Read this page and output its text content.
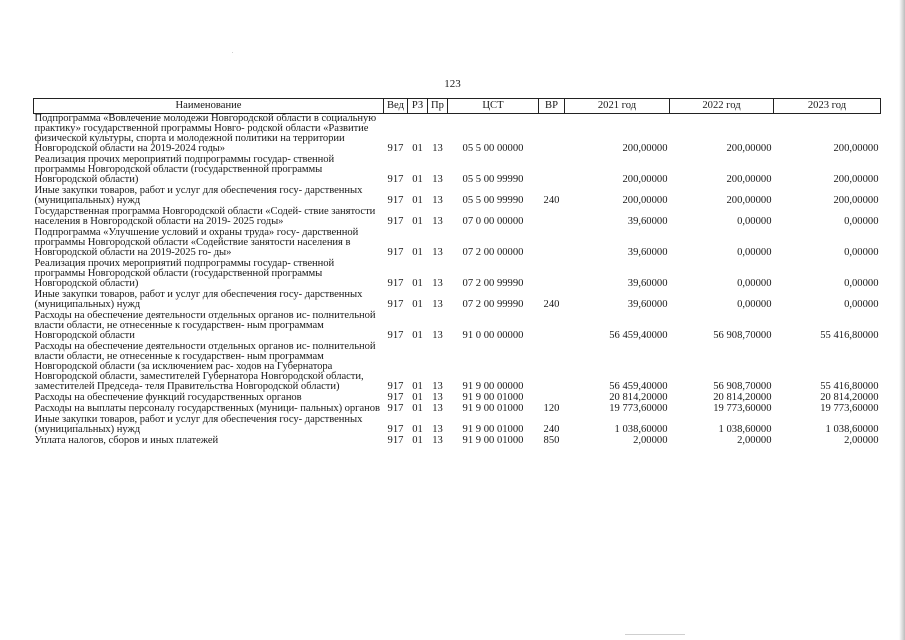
123
Наименование	Вед	РЗ	Пр	ЦСТ	ВР	2021 год	2022 год	2023 год
Подпрограмма «Вовлечение молодежи Новгородской области в социальную практику» государственной программы Новго- родской области «Развитие физической культуры, спорта и молодежной политики на территории Новгородской области на 2019-2024 годы»	917	01	13	05 5 00 00000		200,00000	200,00000	200,00000
Реализация прочих мероприятий подпрограммы государ- ственной программы Новгородской области (государственной программы Новгородской области)	917	01	13	05 5 00 99990		200,00000	200,00000	200,00000
Иные закупки товаров, работ и услуг для обеспечения госу- дарственных (муниципальных) нужд	917	01	13	05 5 00 99990	240	200,00000	200,00000	200,00000
Государственная программа Новгородской области «Содей- ствие занятости населения в Новгородской области на 2019- 2025 годы»	917	01	13	07 0 00 00000		39,60000	0,00000	0,00000
Подпрограмма «Улучшение условий и охраны труда» госу- дарственной программы Новгородской области «Содействие занятости населения в Новгородской области на 2019-2025 го- ды»	917	01	13	07 2 00 00000		39,60000	0,00000	0,00000
Реализация прочих мероприятий подпрограммы государ- ственной программы Новгородской области (государственной программы Новгородской области)	917	01	13	07 2 00 99990		39,60000	0,00000	0,00000
Иные закупки товаров, работ и услуг для обеспечения госу- дарственных (муниципальных) нужд	917	01	13	07 2 00 99990	240	39,60000	0,00000	0,00000
Расходы на обеспечение деятельности отдельных органов ис- полнительной власти области, не отнесенные к государствен- ным программам Новгородской области	917	01	13	91 0 00 00000		56 459,40000	56 908,70000	55 416,80000
Расходы на обеспечение деятельности отдельных органов ис- полнительной власти области, не отнесенные к государствен- ным программам Новгородской области (за исключением рас- ходов на Губернатора Новгородской области, заместителей Губернатора Новгородской области, заместителей Председа- теля Правительства Новгородской области)	917	01	13	91 9 00 00000		56 459,40000	56 908,70000	55 416,80000
Расходы на обеспечение функций государственных органов	917	01	13	91 9 00 01000		20 814,20000	20 814,20000	20 814,20000
Расходы на выплаты персоналу государственных (муници- пальных) органов	917	01	13	91 9 00 01000	120	19 773,60000	19 773,60000	19 773,60000
Иные закупки товаров, работ и услуг для обеспечения госу- дарственных (муниципальных) нужд	917	01	13	91 9 00 01000	240	1 038,60000	1 038,60000	1 038,60000
Уплата налогов, сборов и иных платежей	917	01	13	91 9 00 01000	850	2,00000	2,00000	2,00000
